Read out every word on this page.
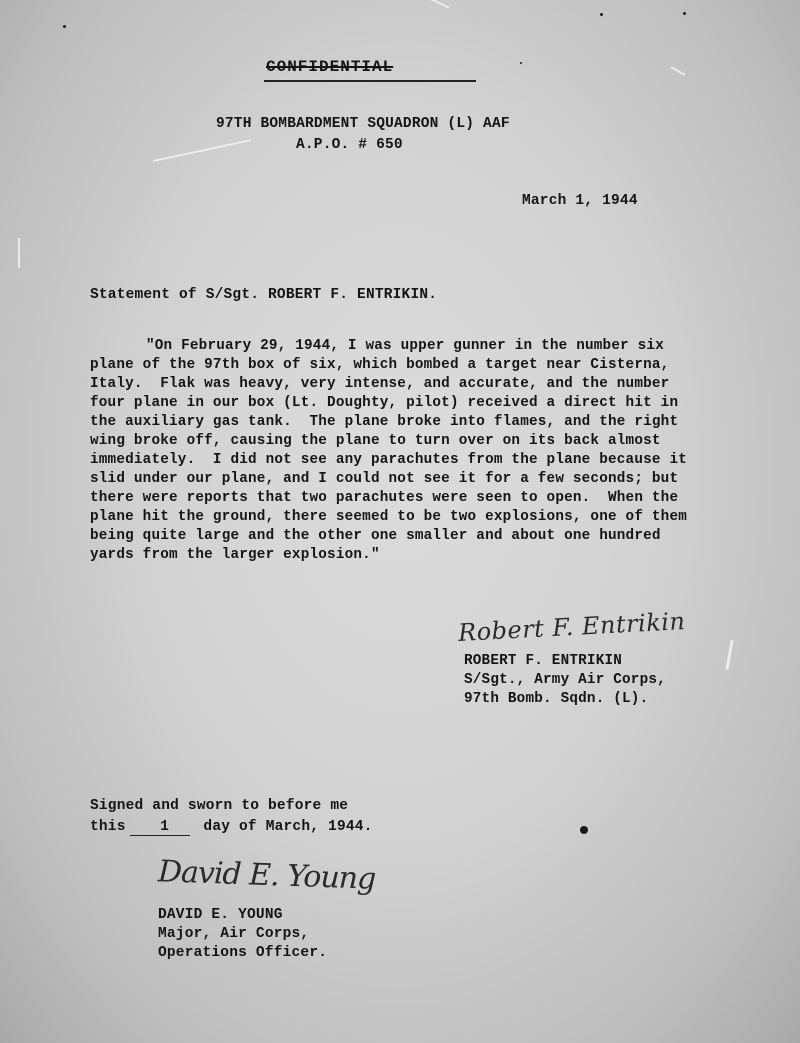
CONFIDENTIAL
97TH BOMBARDMENT SQUADRON (L) AAF
A.P.O. # 650
March 1, 1944
Statement of S/Sgt. ROBERT F. ENTRIKIN.
"On February 29, 1944, I was upper gunner in the number six
plane of the 97th box of six, which bombed a target near Cisterna,
Italy.  Flak was heavy, very intense, and accurate, and the number
four plane in our box (Lt. Doughty, pilot) received a direct hit in
the auxiliary gas tank.  The plane broke into flames, and the right
wing broke off, causing the plane to turn over on its back almost
immediately.  I did not see any parachutes from the plane because it
slid under our plane, and I could not see it for a few seconds; but
there were reports that two parachutes were seen to open.  When the
plane hit the ground, there seemed to be two explosions, one of them
being quite large and the other one smaller and about one hundred
yards from the larger explosion."
Robert F. Entrikin
ROBERT F. ENTRIKIN
S/Sgt., Army Air Corps,
97th Bomb. Sqdn. (L).
Signed and sworn to before me
this 1 day of March, 1944.
David E. Young
DAVID E. YOUNG
Major, Air Corps,
Operations Officer.
